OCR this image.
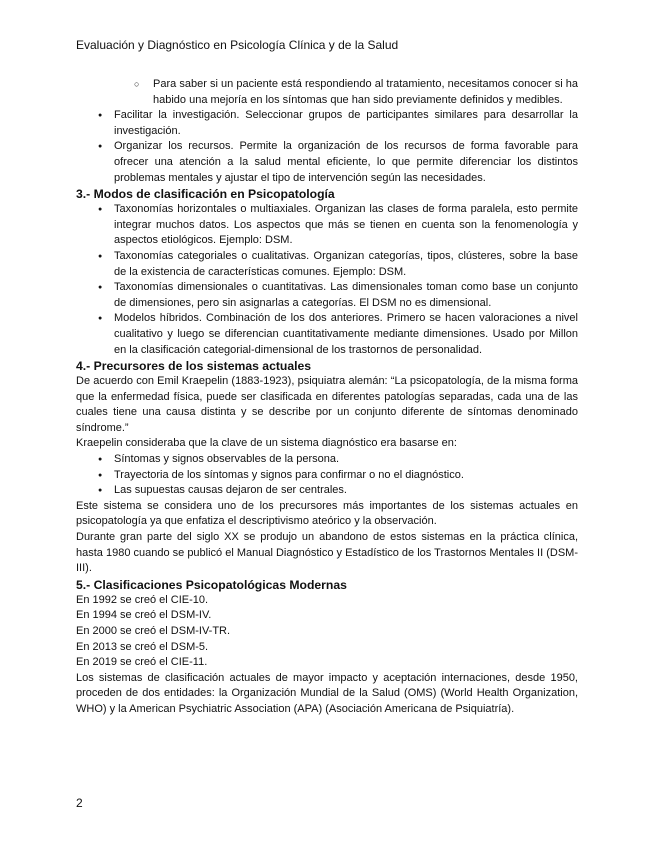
Evaluación y Diagnóstico en Psicología Clínica y de la Salud
○ Para saber si un paciente está respondiendo al tratamiento, necesitamos conocer si ha habido una mejoría en los síntomas que han sido previamente definidos y medibles.
● Facilitar la investigación. Seleccionar grupos de participantes similares para desarrollar la investigación.
● Organizar los recursos. Permite la organización de los recursos de forma favorable para ofrecer una atención a la salud mental eficiente, lo que permite diferenciar los distintos problemas mentales y ajustar el tipo de intervención según las necesidades.

3.- Modos de clasificación en Psicopatología

● Taxonomías horizontales o multiaxiales. Organizan las clases de forma paralela, esto permite integrar muchos datos. Los aspectos que más se tienen en cuenta son la fenomenología y aspectos etiológicos. Ejemplo: DSM.
● Taxonomías categoriales o cualitativas. Organizan categorías, tipos, clústeres, sobre la base de la existencia de características comunes. Ejemplo: DSM.
● Taxonomías dimensionales o cuantitativas. Las dimensionales toman como base un conjunto de dimensiones, pero sin asignarlas a categorías. El DSM no es dimensional.
● Modelos híbridos. Combinación de los dos anteriores. Primero se hacen valoraciones a nivel cualitativo y luego se diferencian cuantitativamente mediante dimensiones. Usado por Millon en la clasificación categorial-dimensional de los trastornos de personalidad.

4.- Precursores de los sistemas actuales

De acuerdo con Emil Kraepelin (1883-1923), psiquiatra alemán: “La psicopatología, de la misma forma que la enfermedad física, puede ser clasificada en diferentes patologías separadas, cada una de las cuales tiene una causa distinta y se describe por un conjunto diferente de síntomas denominado síndrome.”

Kraepelin consideraba que la clave de un sistema diagnóstico era basarse en:

● Síntomas y signos observables de la persona.
● Trayectoria de los síntomas y signos para confirmar o no el diagnóstico.
● Las supuestas causas dejaron de ser centrales.

Este sistema se considera uno de los precursores más importantes de los sistemas actuales en psicopatología ya que enfatiza el descriptivismo ateórico y la observación.

Durante gran parte del siglo XX se produjo un abandono de estos sistemas en la práctica clínica, hasta 1980 cuando se publicó el Manual Diagnóstico y Estadístico de los Trastornos Mentales II (DSM-III).

5.- Clasificaciones Psicopatológicas Modernas

En 1992 se creó el CIE-10.

En 1994 se creó el DSM-IV.

En 2000 se creó el DSM-IV-TR.

En 2013 se creó el DSM-5.

En 2019 se creó el CIE-11.

Los sistemas de clasificación actuales de mayor impacto y aceptación internaciones, desde 1950, proceden de dos entidades: la Organización Mundial de la Salud (OMS) (World Health Organization, WHO) y la American Psychiatric Association (APA) (Asociación Americana de Psiquiatría).

2
